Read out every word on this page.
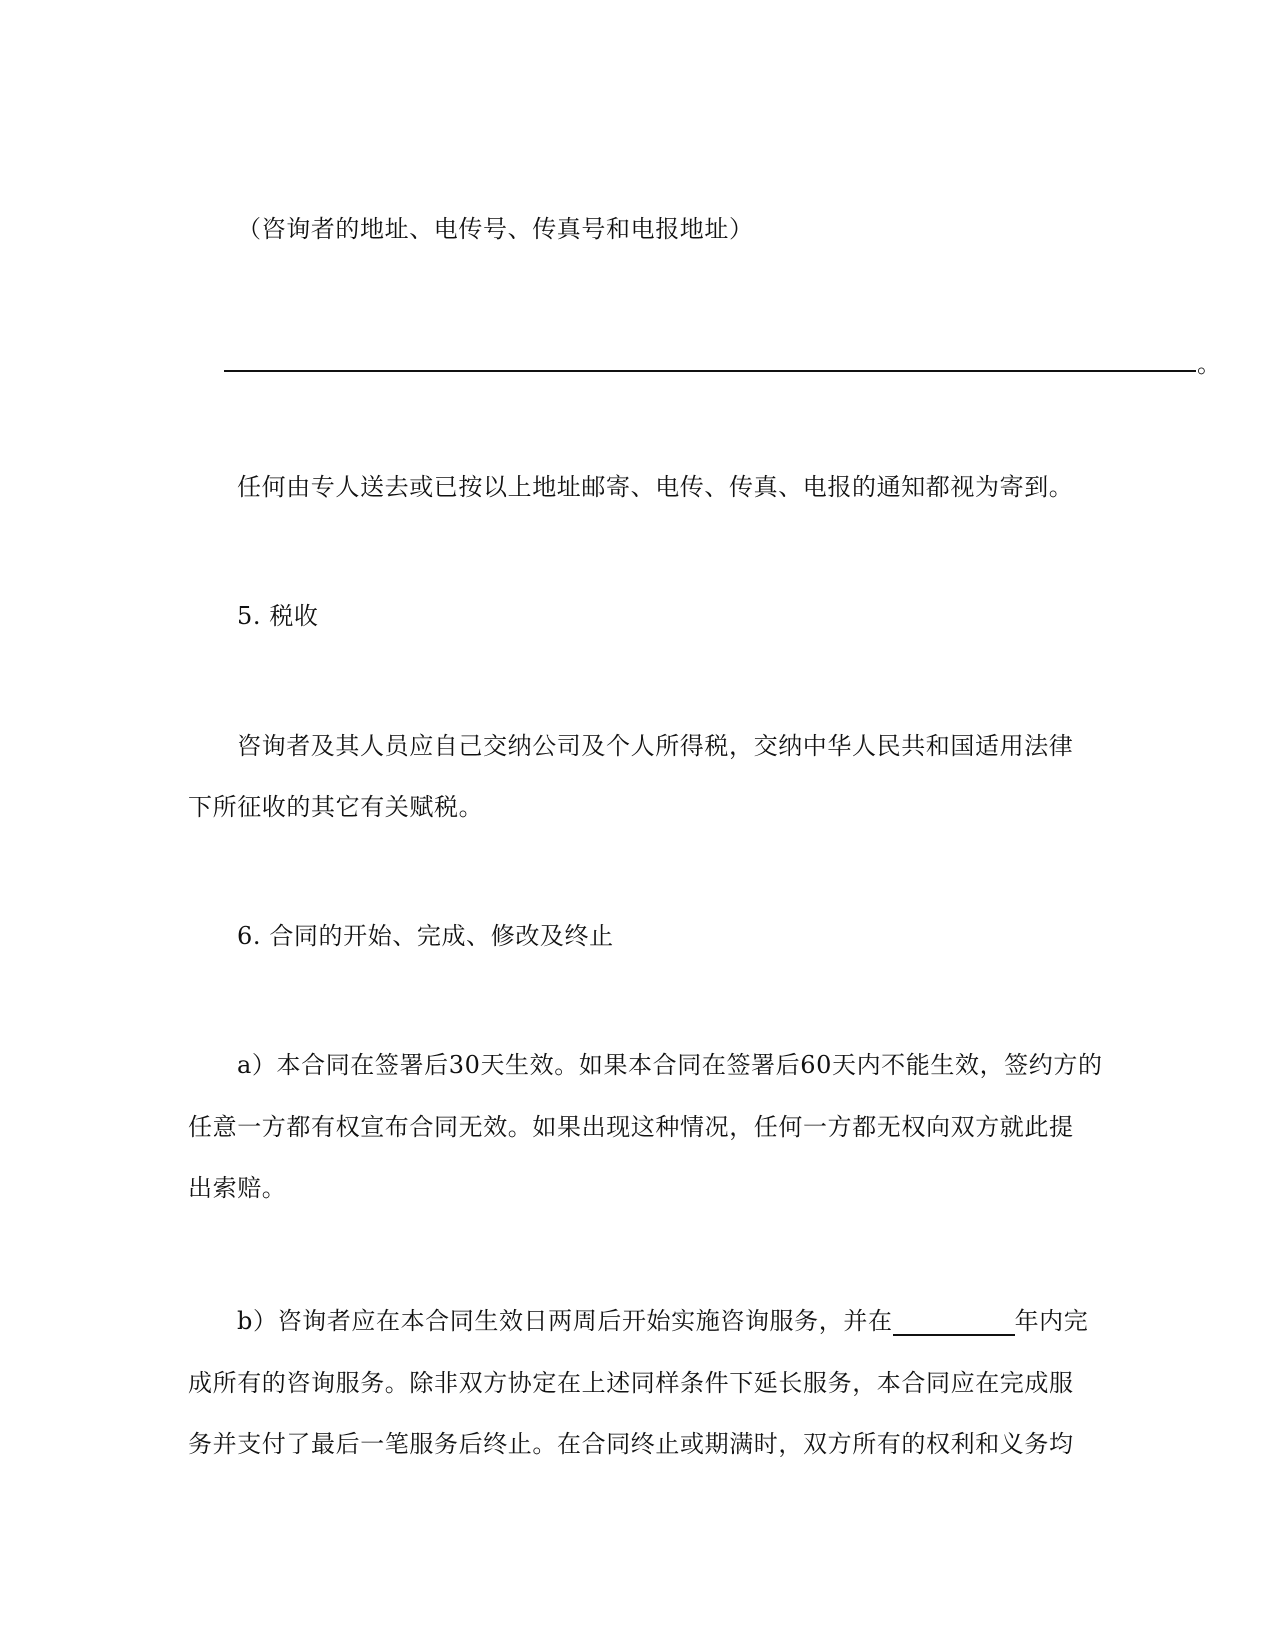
（咨询者的地址、电传号、传真号和电报地址）
。
任何由专人送去或已按以上地址邮寄、电传、传真、电报的通知都视为寄到。
5. 税收
咨询者及其人员应自己交纳公司及个人所得税，交纳中华人民共和国适用法律
下所征收的其它有关赋税。
6. 合同的开始、完成、修改及终止
a）本合同在签署后30天生效。如果本合同在签署后60天内不能生效，签约方的
任意一方都有权宣布合同无效。如果出现这种情况，任何一方都无权向双方就此提
出索赔。
b）咨询者应在本合同生效日两周后开始实施咨询服务，并在	年内完
成所有的咨询服务。除非双方协定在上述同样条件下延长服务，本合同应在完成服
务并支付了最后一笔服务后终止。在合同终止或期满时，双方所有的权利和义务均
